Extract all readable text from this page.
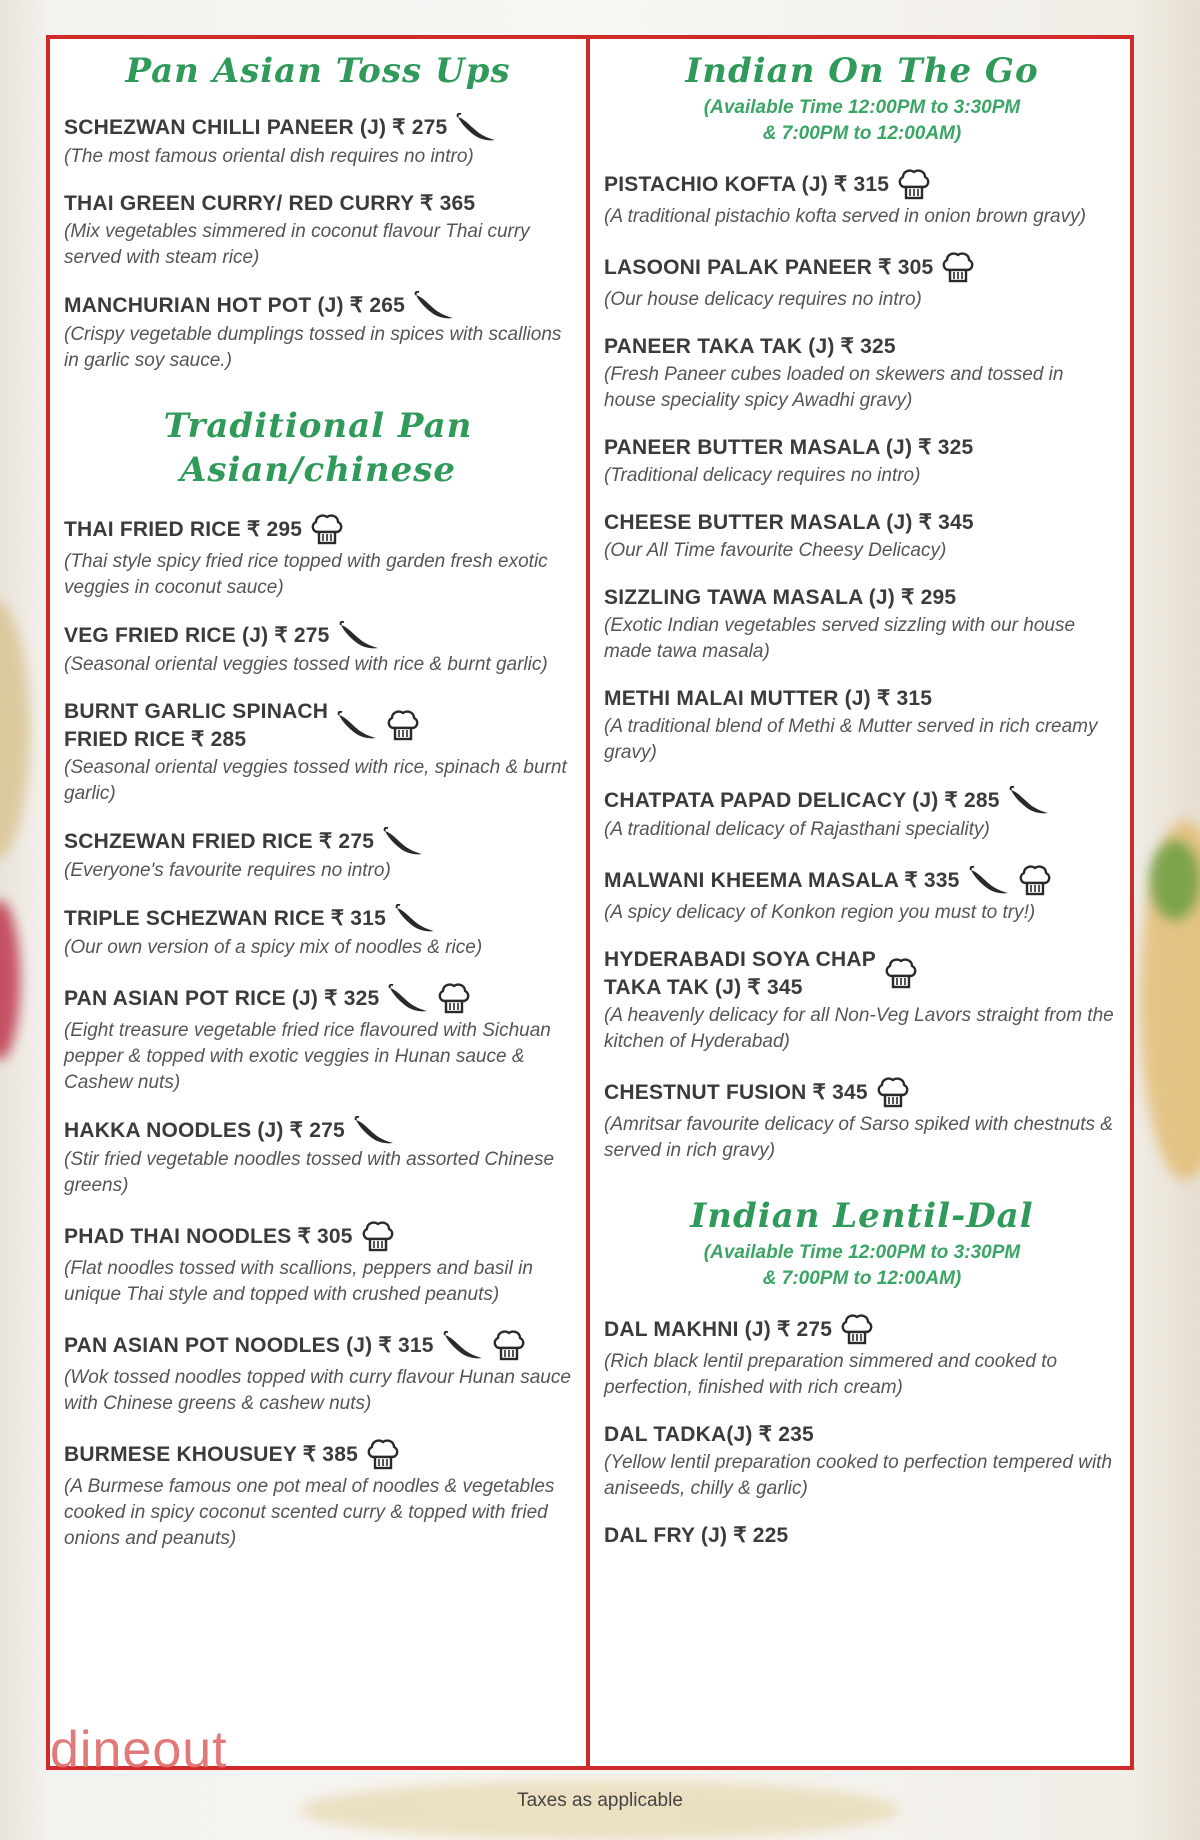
Pan Asian Toss Ups
SCHEZWAN CHILLI PANEER (J) ₹ 275
(The most famous oriental dish requires no intro)
THAI GREEN CURRY/ RED CURRY ₹ 365
(Mix vegetables simmered in coconut flavour Thai curry served with steam rice)
MANCHURIAN HOT POT (J) ₹ 265
(Crispy vegetable dumplings tossed in spices with scallions in garlic soy sauce.)
Traditional Pan Asian/chinese
THAI FRIED RICE ₹ 295
(Thai style spicy fried rice topped with garden fresh exotic veggies in coconut sauce)
VEG FRIED RICE (J) ₹ 275
(Seasonal oriental veggies tossed with rice & burnt garlic)
BURNT GARLIC SPINACH
FRIED RICE ₹ 285
(Seasonal oriental veggies tossed with rice, spinach & burnt garlic)
SCHZEWAN FRIED RICE ₹ 275
(Everyone's favourite requires no intro)
TRIPLE SCHEZWAN RICE ₹ 315
(Our own version of a spicy mix of noodles & rice)
PAN ASIAN POT RICE (J) ₹ 325
(Eight treasure vegetable fried rice flavoured with Sichuan pepper & topped with exotic veggies in Hunan sauce & Cashew nuts)
HAKKA NOODLES (J) ₹ 275
(Stir fried vegetable noodles tossed with assorted Chinese greens)
PHAD THAI NOODLES ₹ 305
(Flat noodles tossed with scallions, peppers and basil in unique Thai style and topped with crushed peanuts)
PAN ASIAN POT NOODLES (J) ₹ 315
(Wok tossed noodles topped with curry flavour Hunan sauce with Chinese greens & cashew nuts)
BURMESE KHOUSUEY ₹ 385
(A Burmese famous one pot meal of noodles & vegetables cooked in spicy coconut scented curry & topped with fried onions and peanuts)
Indian On The Go
(Available Time 12:00PM to 3:30PM
& 7:00PM to 12:00AM)
PISTACHIO KOFTA (J) ₹ 315
(A traditional pistachio kofta served in onion brown gravy)
LASOONI PALAK PANEER ₹ 305
(Our house delicacy requires no intro)
PANEER TAKA TAK (J) ₹ 325
(Fresh Paneer cubes loaded on skewers and tossed in house speciality spicy Awadhi gravy)
PANEER BUTTER MASALA (J) ₹ 325
(Traditional delicacy requires no intro)
CHEESE BUTTER MASALA (J) ₹ 345
(Our All Time favourite Cheesy Delicacy)
SIZZLING TAWA MASALA (J) ₹ 295
(Exotic Indian vegetables served sizzling with our house made tawa masala)
METHI MALAI MUTTER (J) ₹ 315
(A traditional blend of Methi & Mutter served in rich creamy gravy)
CHATPATA PAPAD DELICACY (J) ₹ 285
(A traditional delicacy of Rajasthani speciality)
MALWANI KHEEMA MASALA ₹ 335
(A spicy delicacy of Konkon region you must to try!)
HYDERABADI SOYA CHAP
TAKA TAK (J) ₹ 345
(A heavenly delicacy for all Non-Veg Lavors straight from the kitchen of Hyderabad)
CHESTNUT FUSION ₹ 345
(Amritsar favourite delicacy of Sarso spiked with chestnuts & served in rich gravy)
Indian Lentil-Dal
(Available Time 12:00PM to 3:30PM
& 7:00PM to 12:00AM)
DAL MAKHNI (J) ₹ 275
(Rich black lentil preparation simmered and cooked to perfection, finished with rich cream)
DAL TADKA(J) ₹ 235
(Yellow lentil preparation cooked to perfection tempered with aniseeds, chilly & garlic)
DAL FRY (J) ₹ 225
dineout
Taxes as applicable
